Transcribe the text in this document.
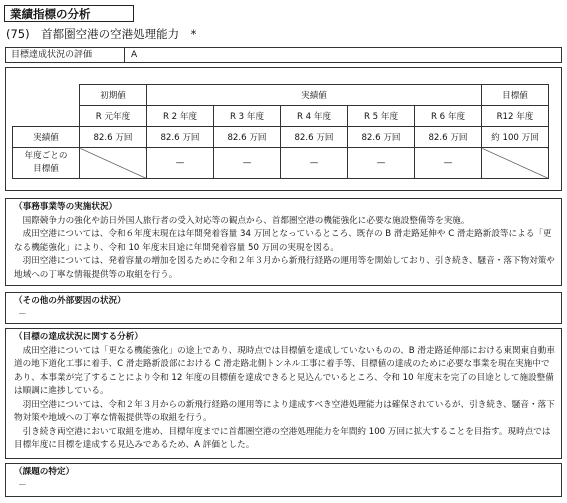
業績指標の分析
(75)　首都圏空港の空港処理能力　*
目標達成状況の評価	A
	初期値	実績値					目標値
	R 元年度	R 2 年度	R 3 年度	R 4 年度	R 5 年度	R 6 年度	R12 年度
実績値	82.6 万回	82.6 万回	82.6 万回	82.6 万回	82.6 万回	82.6 万回	約 100 万回
年度ごとの
目標値		—	—	—	—	—	
（事務事業等の実施状況）

国際競争力の強化や訪日外国人旅行者の受入対応等の観点から、首都圏空港の機能強化に必要な施設整備等を実施。

成田空港については、令和６年度末現在は年間発着容量 34 万回となっているところ、既存の B 滑走路延伸や C 滑走路新設等による「更なる機能強化」により、令和 10 年度末目途に年間発着容量 50 万回の実現を図る。

羽田空港については、発着容量の増加を図るために令和２年３月から新飛行経路の運用等を開始しており、引き続き、騒音・落下物対策や地域への丁寧な情報提供等の取組を行う。

（その他の外部要因の状況）
－
（目標の達成状況に関する分析）

成田空港については「更なる機能強化」の途上であり、現時点では目標値を達成していないものの、B 滑走路延伸部における東関東自動車道の地下道化工事に着手、C 滑走路新設部における C 滑走路北側トンネル工事に着手等、目標値の達成のために必要な事業を現在実施中であり、本事業が完了することにより令和 12 年度の目標値を達成できると見込んでいるところ、令和 10 年度末を完了の目途として施設整備は順調に進捗している。

羽田空港については、令和２年３月からの新飛行経路の運用等により達成すべき空港処理能力は確保されているが、引き続き、騒音・落下物対策や地域への丁寧な情報提供等の取組を行う。

引き続き両空港において取組を進め、目標年度までに首都圏空港の空港処理能力を年間約 100 万回に拡大することを目指す。現時点では目標年度に目標を達成する見込みであるため、A 評価とした。

（課題の特定）
－
